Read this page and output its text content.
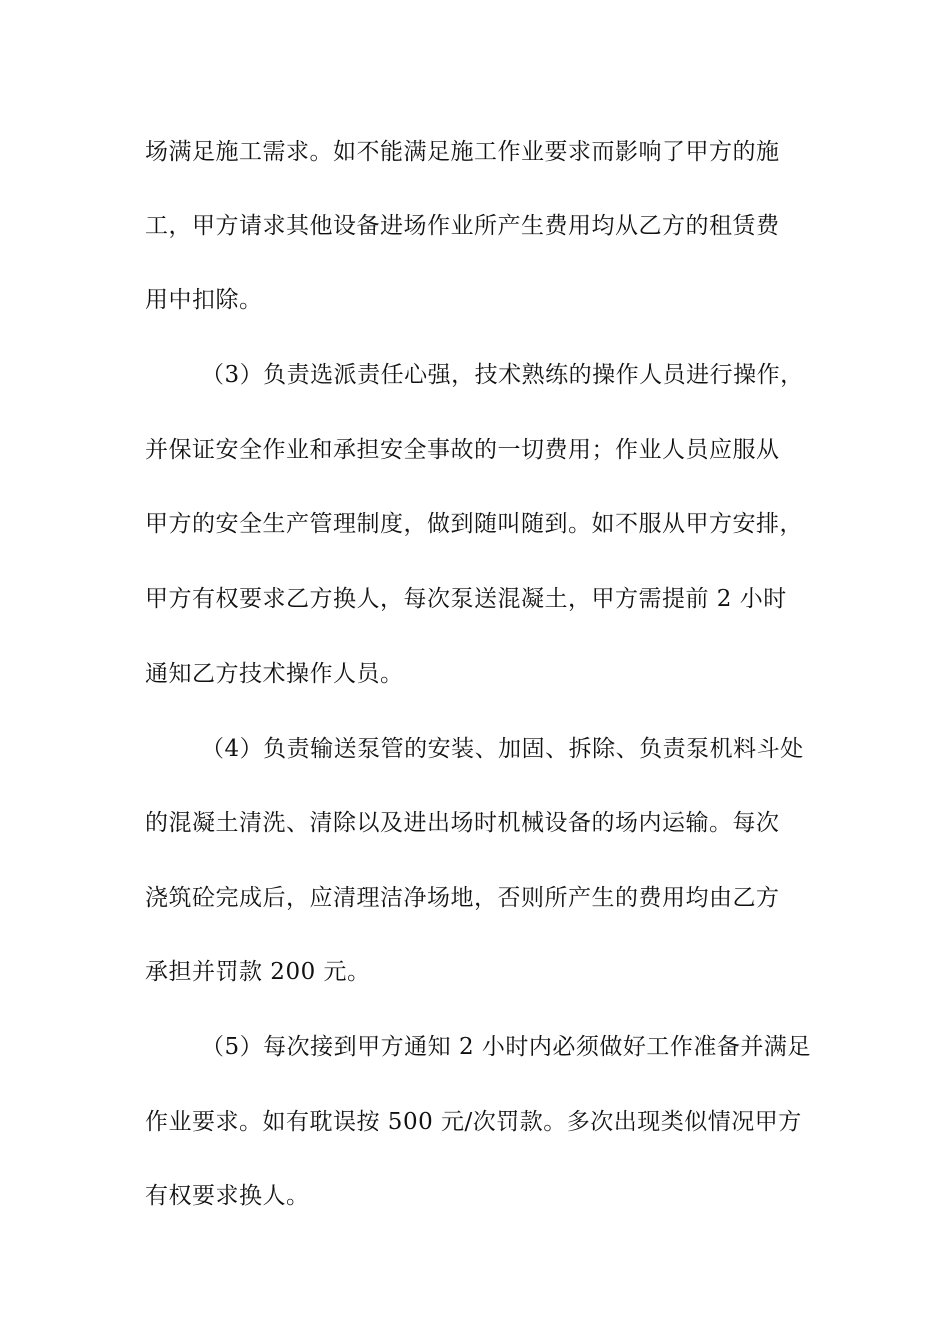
场满足施工需求。如不能满足施工作业要求而影响了甲方的施
工，甲方请求其他设备进场作业所产生费用均从乙方的租赁费
用中扣除。
（3）负责选派责任心强，技术熟练的操作人员进行操作，
并保证安全作业和承担安全事故的一切费用；作业人员应服从
甲方的安全生产管理制度，做到随叫随到。如不服从甲方安排，
甲方有权要求乙方换人，每次泵送混凝土，甲方需提前 2 小时
通知乙方技术操作人员。
（4）负责输送泵管的安装、加固、拆除、负责泵机料斗处
的混凝土清洗、清除以及进出场时机械设备的场内运输。每次
浇筑砼完成后，应清理洁净场地，否则所产生的费用均由乙方
承担并罚款 200 元。
（5）每次接到甲方通知 2 小时内必须做好工作准备并满足
作业要求。如有耽误按 500 元/次罚款。多次出现类似情况甲方
有权要求换人。
